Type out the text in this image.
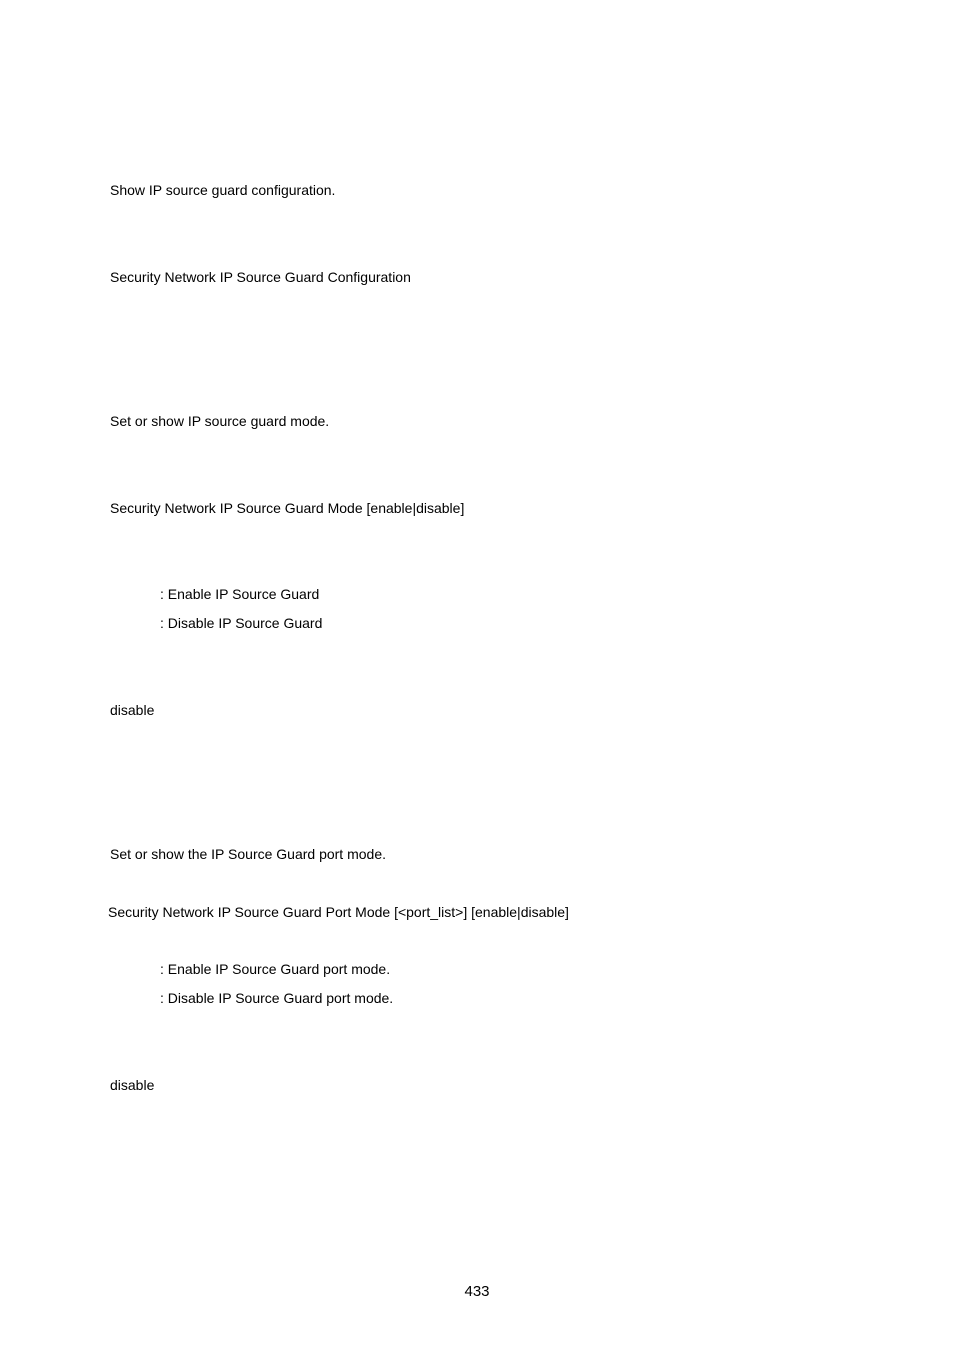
Show IP source guard configuration.
Security Network IP Source Guard Configuration
Set or show IP source guard mode.
Security Network IP Source Guard Mode [enable|disable]
: Enable IP Source Guard
: Disable IP Source Guard
disable
Set or show the IP Source Guard port mode.
Security Network IP Source Guard Port Mode [<port_list>] [enable|disable]
: Enable IP Source Guard port mode.
: Disable IP Source Guard port mode.
disable
433
